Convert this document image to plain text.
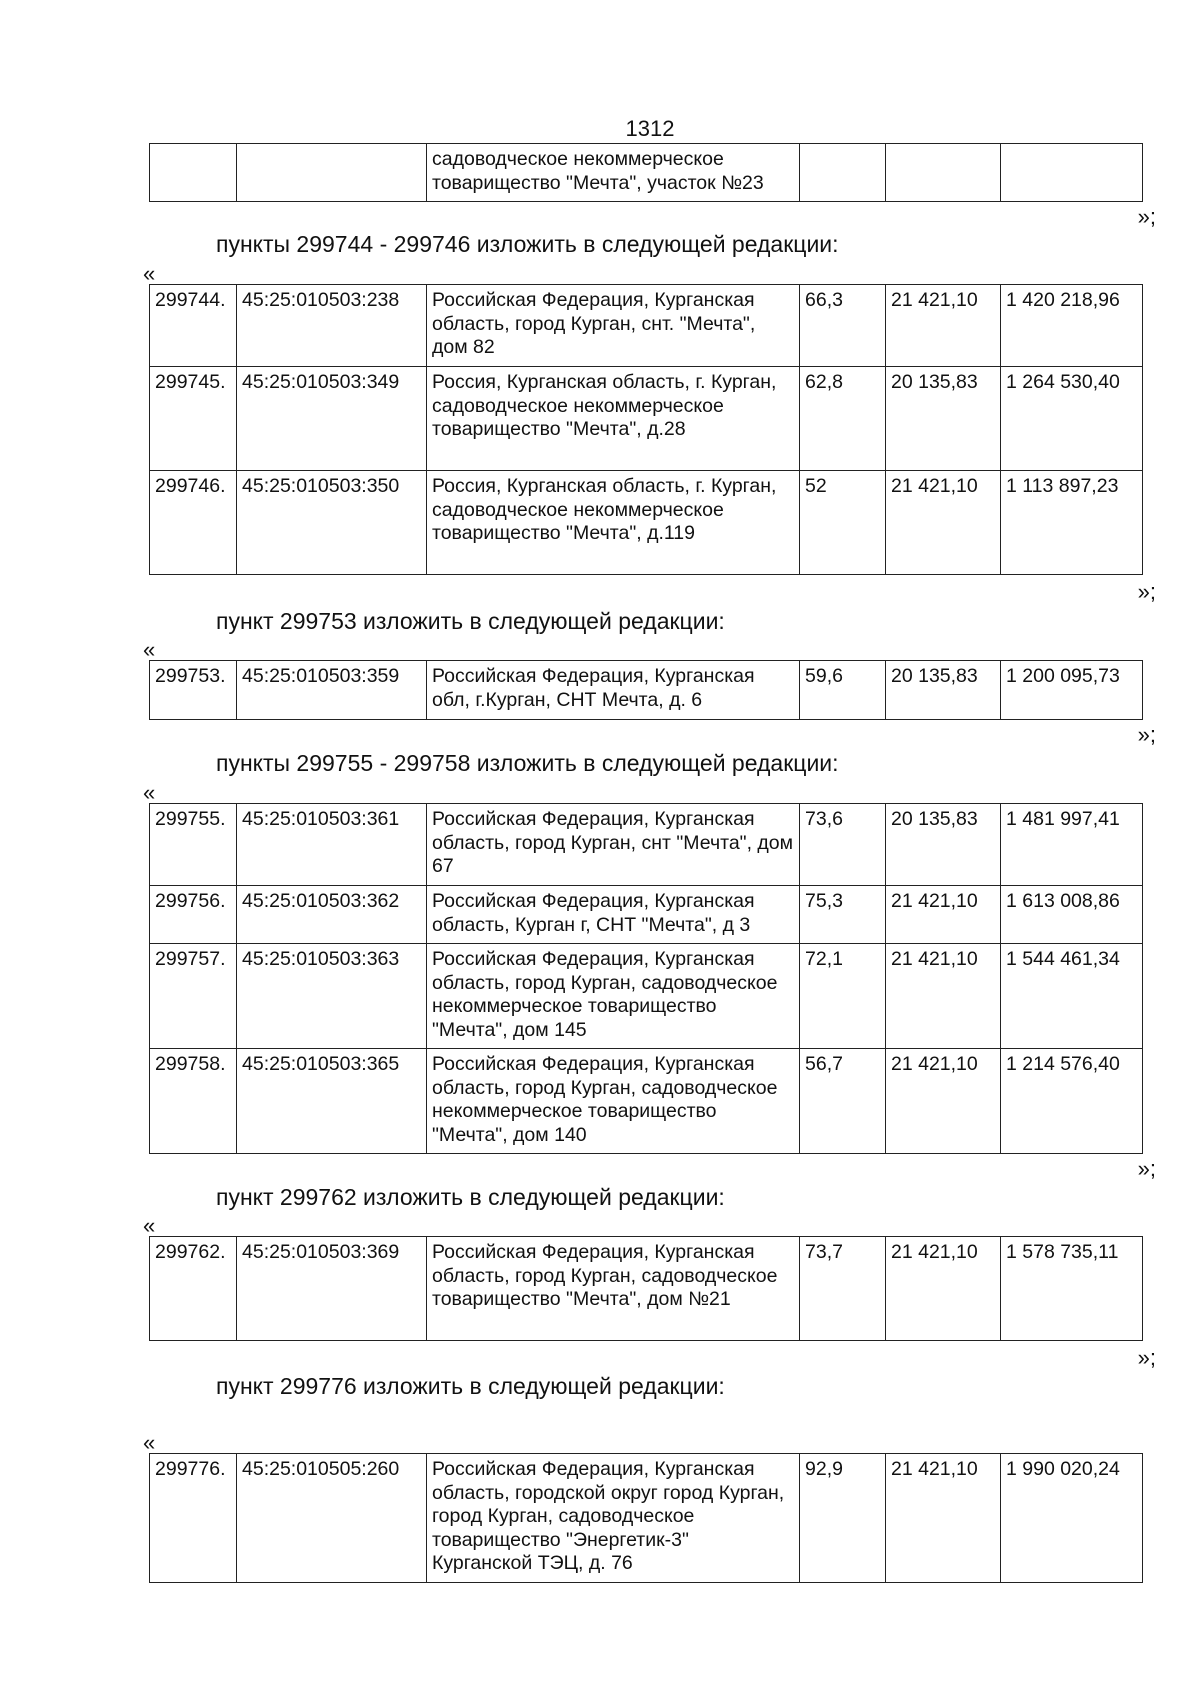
1312
		садоводческое некоммерческое товарищество "Мечта", участок №23			
»;
пункты 299744 - 299746 изложить в следующей редакции:
«
299744.	45:25:010503:238	Российская Федерация, Курганская область, город Курган, снт. "Мечта", дом 82	66,3	21 421,10	1 420 218,96
299745.	45:25:010503:349	Россия, Курганская область, г. Курган, садоводческое некоммерческое товарищество "Мечта", д.28	62,8	20 135,83	1 264 530,40
299746.	45:25:010503:350	Россия, Курганская область, г. Курган, садоводческое некоммерческое товарищество "Мечта", д.119	52	21 421,10	1 113 897,23
»;
пункт 299753 изложить в следующей редакции:
«
299753.	45:25:010503:359	Российская Федерация, Курганская обл, г.Курган, СНТ Мечта, д. 6	59,6	20 135,83	1 200 095,73
»;
пункты 299755 - 299758 изложить в следующей редакции:
«
299755.	45:25:010503:361	Российская Федерация, Курганская область, город Курган, снт "Мечта", дом 67	73,6	20 135,83	1 481 997,41
299756.	45:25:010503:362	Российская Федерация, Курганская область, Курган г, СНТ "Мечта", д 3	75,3	21 421,10	1 613 008,86
299757.	45:25:010503:363	Российская Федерация, Курганская область, город Курган, садоводческое некоммерческое товарищество "Мечта", дом 145	72,1	21 421,10	1 544 461,34
299758.	45:25:010503:365	Российская Федерация, Курганская область, город Курган, садоводческое некоммерческое товарищество "Мечта", дом 140	56,7	21 421,10	1 214 576,40
»;
пункт 299762 изложить в следующей редакции:
«
299762.	45:25:010503:369	Российская Федерация, Курганская область, город Курган, садоводческое товарищество "Мечта", дом №21	73,7	21 421,10	1 578 735,11
»;
пункт 299776 изложить в следующей редакции:
«
299776.	45:25:010505:260	Российская Федерация, Курганская область, городской округ город Курган, город Курган, садоводческое товарищество "Энергетик-3" Курганской ТЭЦ, д. 76	92,9	21 421,10	1 990 020,24
